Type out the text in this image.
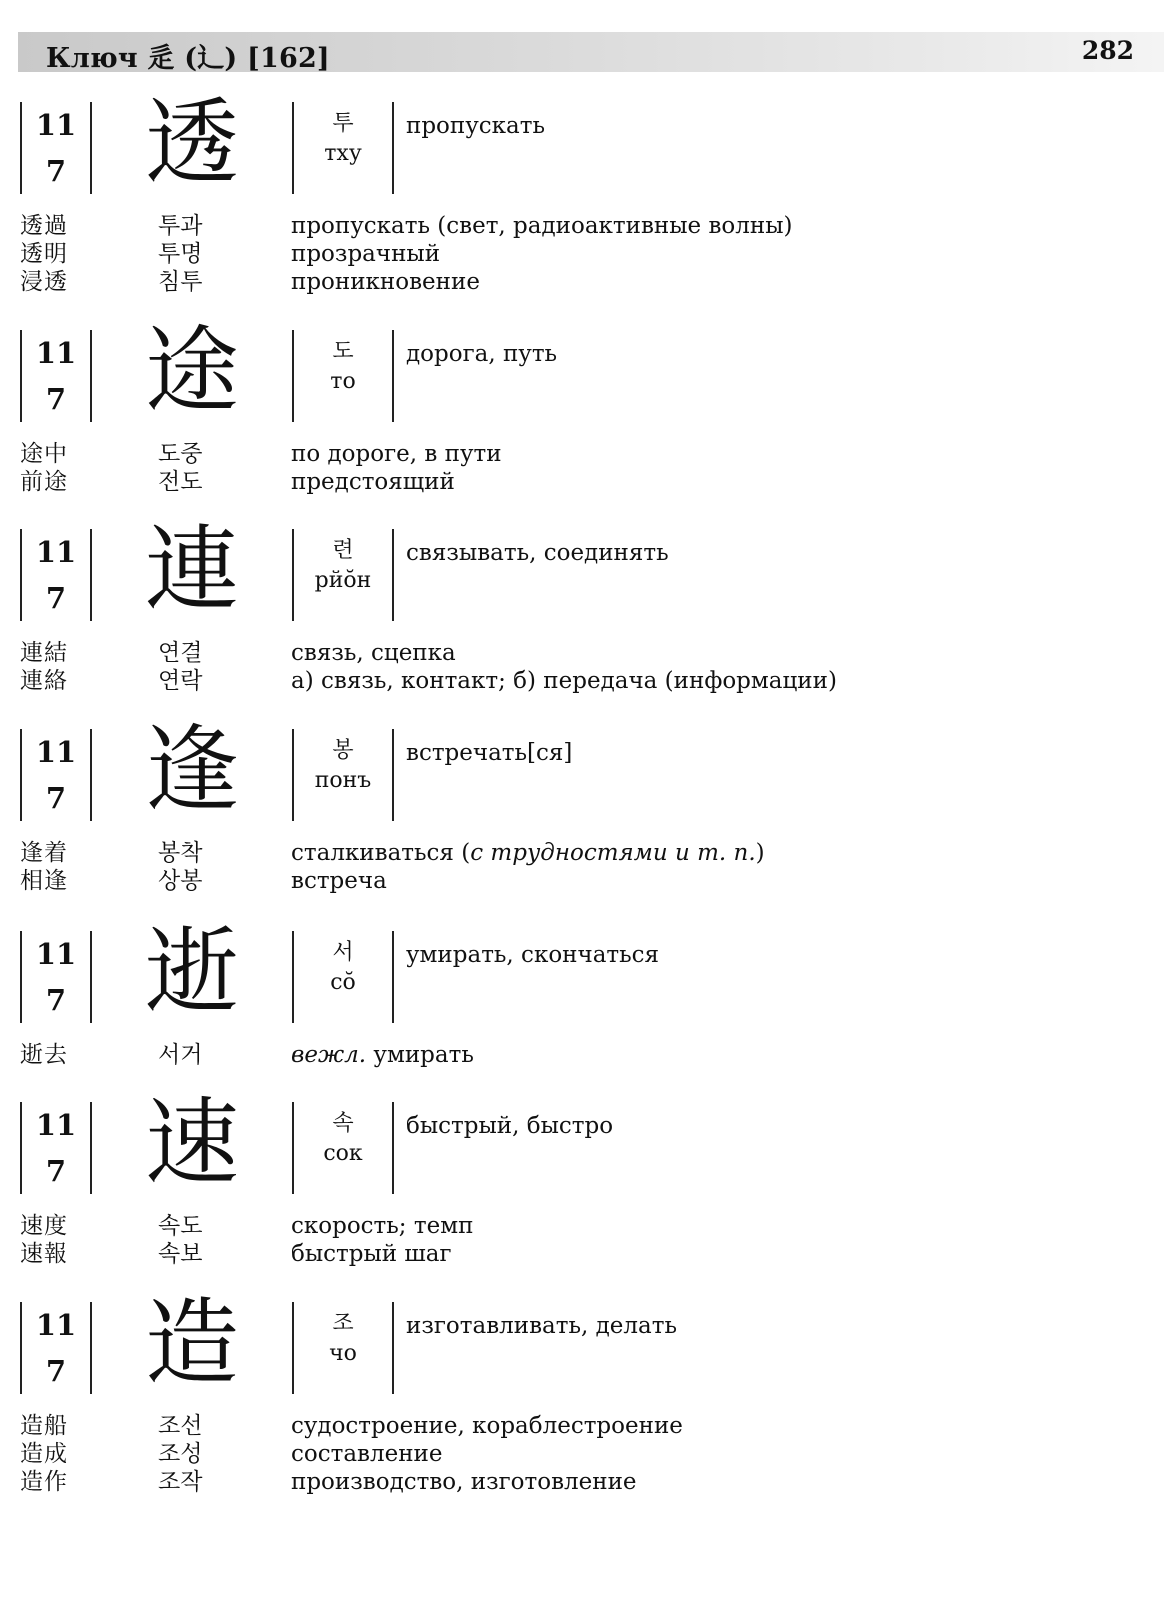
Ключ 辵 (辶) [162]	282
11
7 透	투
тху
пропускать
透過	투과	пропускать (свет, радиоактивные волны)
透明	투명	прозрачный
浸透	침투	проникновение
11
7 途	도
то
дорога, путь
途中	도중	по дороге, в пути
前途	전도	предстоящий
11
7 連	련
рйŏн
связывать, соединять
連結	연결	связь, сцепка
連絡	연락	а) связь, контакт; б) передача (информации)
11
7 逢	봉
понъ
встречать[ся]
逢着	봉착	сталкиваться (с трудностями и т. п.)
相逢	상봉	встреча
11
7 逝	서
сŏ
умирать, скончаться
逝去	서거	вежл. умирать
11
7 速	속
сок
быстрый, быстро
速度	속도	скорость; темп
速報	속보	быстрый шаг
11
7 造	조
чо
изготавливать, делать
造船	조선	судостроение, кораблестроение
造成	조성	составление
造作	조작	производство, изготовление
